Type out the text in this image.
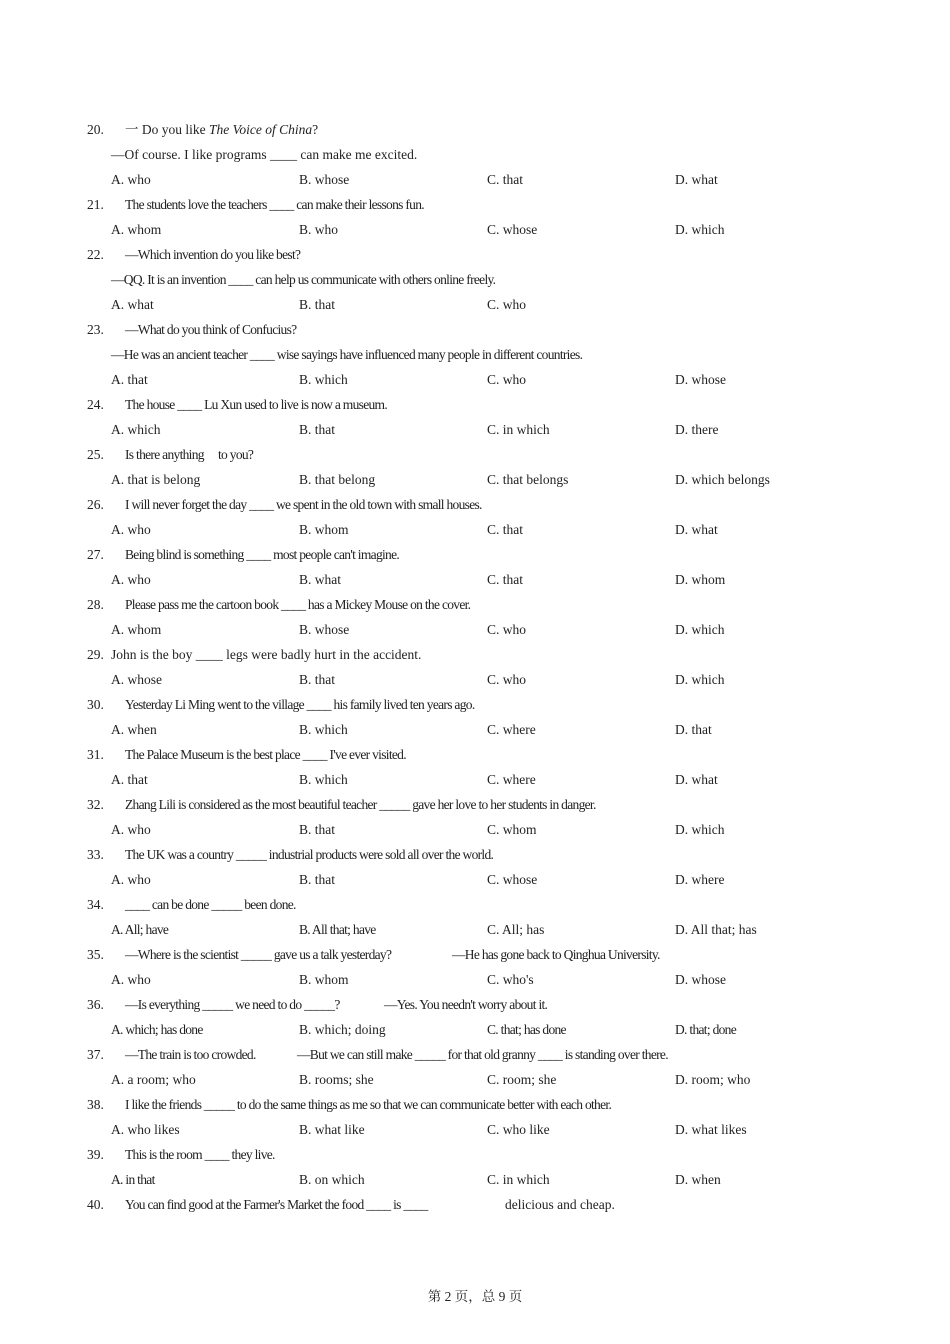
20. 一 Do you like The Voice of China?
—Of course. I like programs ____ can make me excited.
A. who	B. whose	C. that	D. what
21. The students love the teachers ____ can make their lessons fun.
A. whom	B. who	C. whose	D. which
22. —Which invention do you like best?
—QQ. It is an invention ____ can help us communicate with others online freely.
A. what	B. that	C. who
23. —What do you think of Confucius?
—He was an ancient teacher ____ wise sayings have influenced many people in different countries.
A. that	B. which	C. who	D. whose
24. The house ____ Lu Xun used to live is now a museum.
A. which	B. that	C. in which	D. there
25. Is there anything to you?
A. that is belong	B. that belong	C. that belongs	D. which belongs
26. I will never forget the day ____ we spent in the old town with small houses.
A. who	B. whom	C. that	D. what
27. Being blind is something ____ most people can't imagine.
A. who	B. what	C. that	D. whom
28. Please pass me the cartoon book ____ has a Mickey Mouse on the cover.
A. whom	B. whose	C. who	D. which
29. John is the boy ____ legs were badly hurt in the accident.
A. whose	B. that	C. who	D. which
30. Yesterday Li Ming went to the village ____ his family lived ten years ago.
A. when	B. which	C. where	D. that
31. The Palace Museum is the best place ____ I've ever visited.
A. that	B. which	C. where	D. what
32. Zhang Lili is considered as the most beautiful teacher _____ gave her love to her students in danger.
A. who	B. that	C. whom	D. which
33. The UK was a country _____ industrial products were sold all over the world.
A. who	B. that	C. whose	D. where
34. ____ can be done _____ been done.
A. All; have	B. All that; have	C. All; has	D. All that; has
35. —Where is the scientist _____ gave us a talk yesterday?	—He has gone back to Qinghua University.
A. who	B. whom	C. who's	D. whose
36. —Is everything _____ we need to do _____?	—Yes. You needn't worry about it.
A. which; has done	B. which; doing	C. that; has done	D. that; done
37. —The train is too crowded.	—But we can still make _____ for that old granny ____ is standing over there.
A. a room; who	B. rooms; she	C. room; she	D. room; who
38. I like the friends _____ to do the same things as me so that we can communicate better with each other.
A. who likes	B. what like	C. who like	D. what likes
39. This is the room ____ they live.
A. in that	B. on which	C. in which	D. when
40. You can find good at the Farmer's Market the food ____ is ____	delicious and cheap.
第 2 页，总 9 页
